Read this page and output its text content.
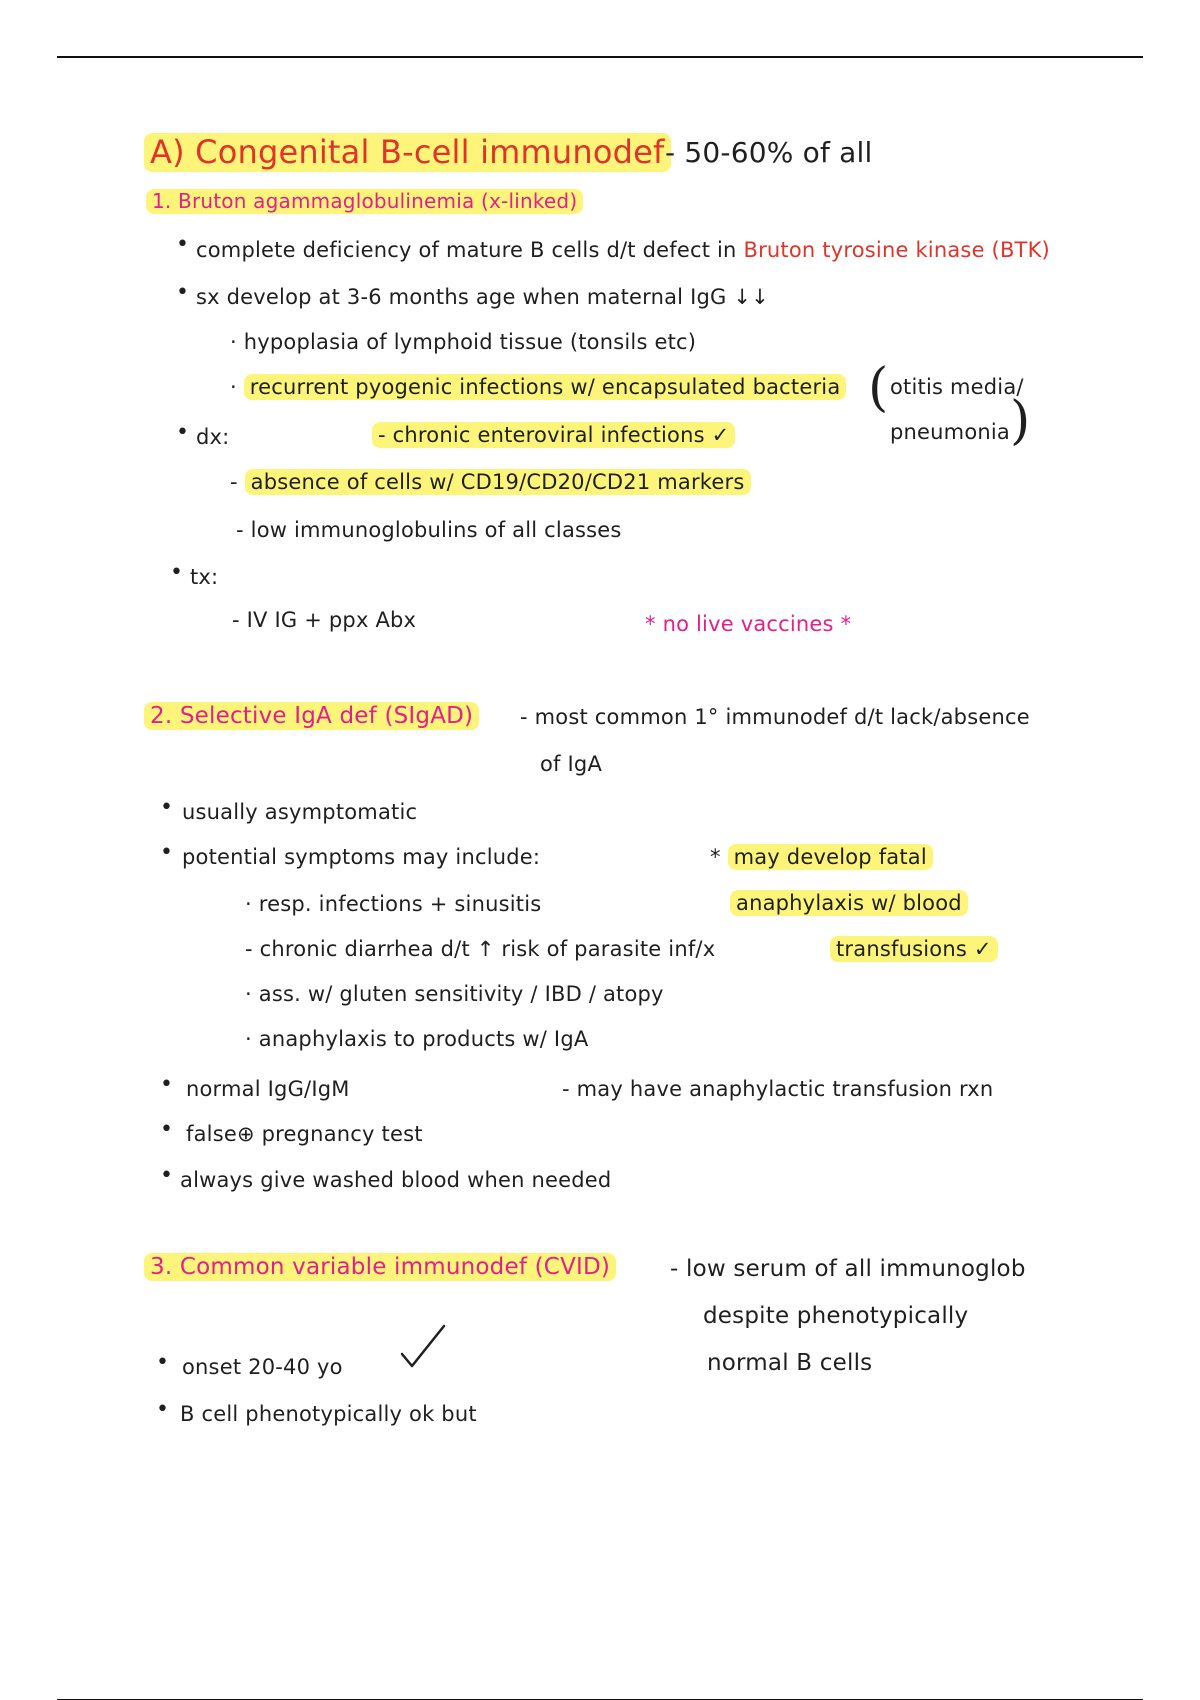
A) Congenital B-cell immunodef - 50-60% of all
1. Bruton agammaglobulinemia (x-linked)
• complete deficiency of mature B cells d/t defect in Bruton tyrosine kinase (BTK)
• sx develop at 3-6 months age when maternal IgG ↓↓
· hypoplasia of lymphoid tissue (tonsils etc)
· recurrent pyogenic infections w/ encapsulated bacteria ( otitis media/
pneumonia )
• dx:	- chronic enteroviral infections ✓
- absence of cells w/ CD19/CD20/CD21 markers
- low immunoglobulins of all classes
• tx:
- IV IG + ppx Abx	* no live vaccines *
2. Selective IgA def (SIgAD) - most common 1° immunodef d/t lack/absence
of IgA
• usually asymptomatic
• potential symptoms may include:
· resp. infections + sinusitis
- chronic diarrhea d/t ↑ risk of parasite inf/x
· ass. w/ gluten sensitivity / IBD / atopy
· anaphylaxis to products w/ IgA
* may develop fatal
anaphylaxis w/ blood
transfusions ✓
• normal IgG/IgM	- may have anaphylactic transfusion rxn
• false⊕ pregnancy test
• always give washed blood when needed
3. Common variable immunodef (CVID)	- low serum of all immunoglob
despite phenotypically
normal B cells
• onset 20-40 yo
• B cell phenotypically ok but
